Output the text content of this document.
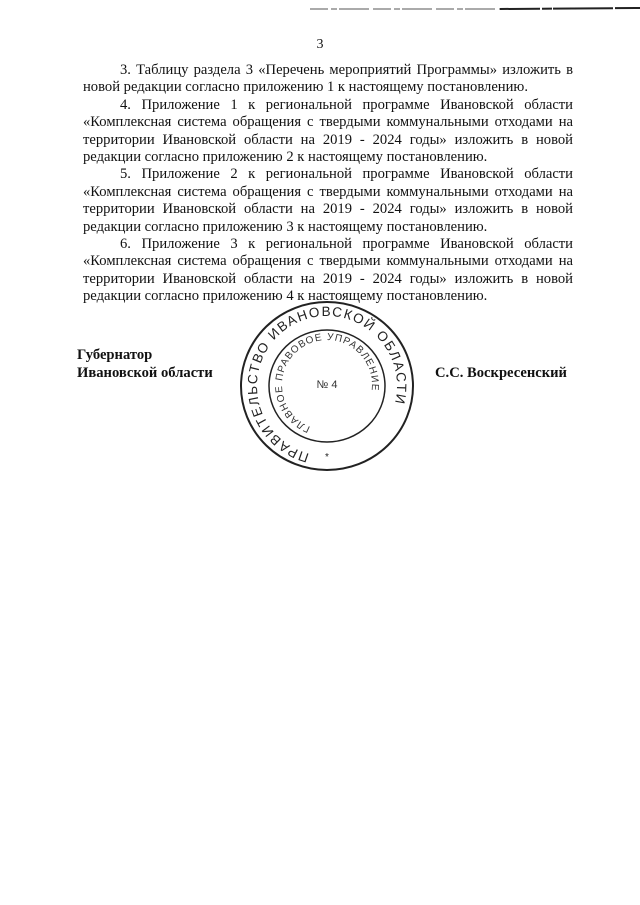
3

3. Таблицу раздела 3 «Перечень мероприятий Программы» изложить в новой редакции согласно приложению 1 к настоящему постановлению.

4. Приложение 1 к региональной программе Ивановской области «Комплексная система обращения с твердыми коммунальными отходами на территории Ивановской области на 2019 - 2024 годы» изложить в новой редакции согласно приложению 2 к настоящему постановлению.

5. Приложение 2 к региональной программе Ивановской области «Комплексная система обращения с твердыми коммунальными отходами на территории Ивановской области на 2019 - 2024 годы» изложить в новой редакции согласно приложению 3 к настоящему постановлению.

6. Приложение 3 к региональной программе Ивановской области «Комплексная система обращения с твердыми коммунальными отходами на территории Ивановской области на 2019 - 2024 годы» изложить в новой редакции согласно приложению 4 к настоящему постановлению.

Губернатор
Ивановской области	С.С. Воскресенский
ПРАВИТЕЛЬСТВО ИВАНОВСКОЙ ОБЛАСТИ
ГЛАВНОЕ ПРАВОВОЕ УПРАВЛЕНИЕ
№ 4
*
